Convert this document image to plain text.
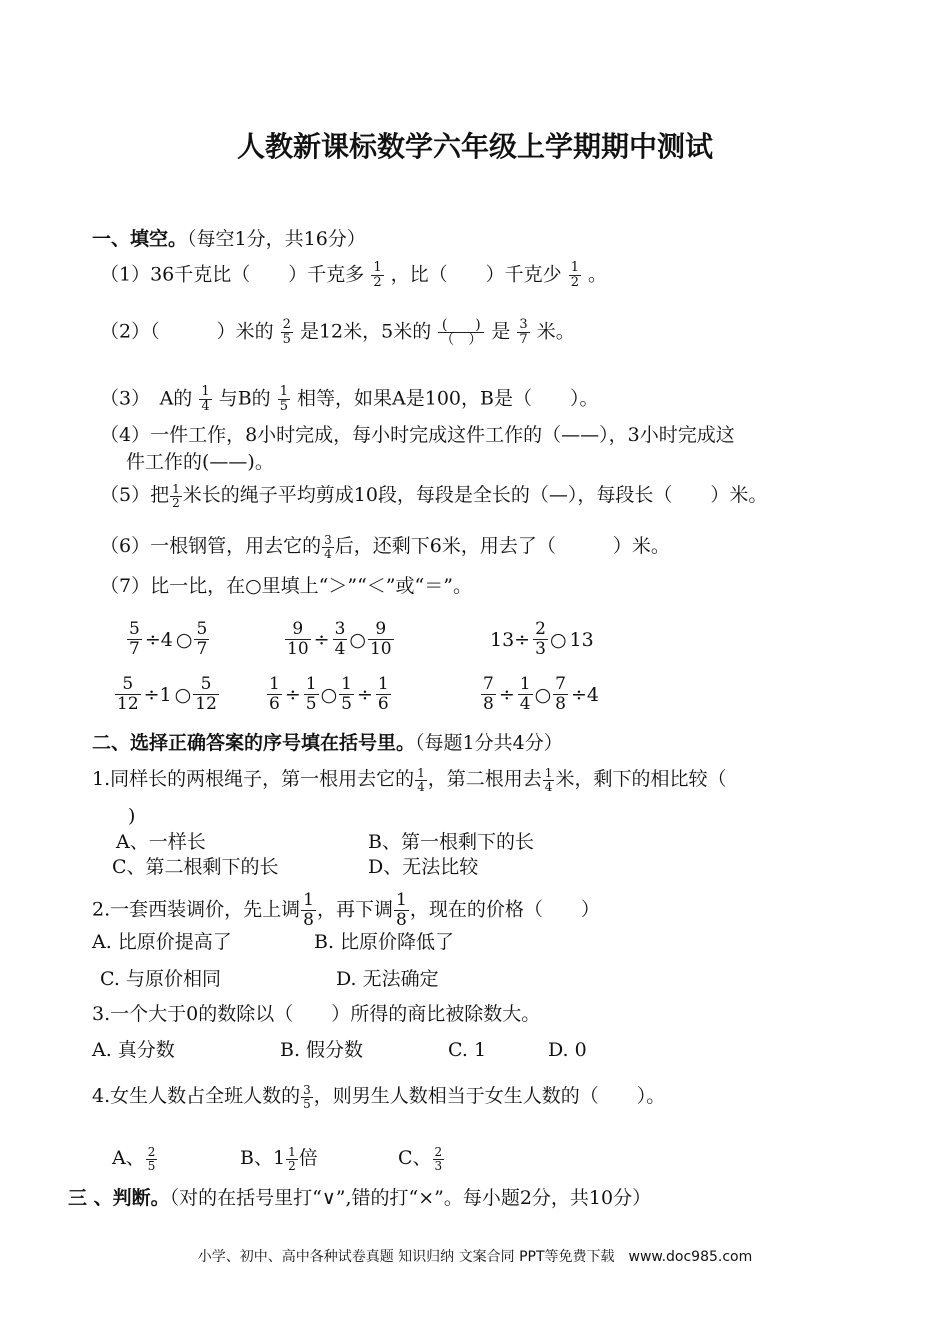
人教新课标数学六年级上学期期中测试
一、填空。（每空1分，共16分）
（1）36千克比（　　）千克多 $\frac{1}{2}$ ，比（　　）千克少 $\frac{1}{2}$ 。
（2）（　　　）米的 $\frac{2}{5}$ 是12米，5米的 $\frac{( )}{( )}$ 是 $\frac{3}{7}$ 米。
（3）　A的 $\frac{1}{4}$ 与B的 $\frac{1}{5}$ 相等，如果A是100，B是（　　）。
（4）一件工作，8小时完成，每小时完成这件工作的（——），3小时完成这
件工作的(——)。
（5）把 $\frac{1}{2}$ 米长的绳子平均剪成10段，每段是全长的（—），每段长（　　）米。
（6）一根钢管，用去它的 $\frac{3}{4}$ 后，还剩下6米，用去了（　　　）米。
（7）比一比，在○里填上“＞”“＜”或“＝”。
$\frac{5}{7} \div 4$ ○ $\frac{5}{7}$	$\frac{9}{10} \div \frac{3}{4}$ ○ $\frac{9}{10}$	$13\div \frac{2}{3}$ ○ 13
$\frac{5}{12} \div 1$ ○ $\frac{5}{12}$	$\frac{1}{6} \div \frac{1}{5}$ ○ $\frac{1}{5} \div \frac{1}{6}$	$\frac{7}{8} \div \frac{1}{4}$ ○ $\frac{7}{8} \div 4$
二、选择正确答案的序号填在括号里。（每题1分共4分）
1.同样长的两根绳子，第一根用去它的 $\frac{1}{4}$ ，第二根用去 $\frac{1}{4}$ 米，剩下的相比较（
)
A、一样长	B、第一根剩下的长
C、第二根剩下的长	D、无法比较
2.一套西装调价，先上调 $\frac{1}{8}$ ，再下调 $\frac{1}{8}$ ，现在的价格（　　）
A. 比原价提高了	B. 比原价降低了
C. 与原价相同	D. 无法确定
3.一个大于0的数除以（　　）所得的商比被除数大。
A. 真分数	B. 假分数	C. 1	D. 0
4.女生人数占全班人数的 $\frac{3}{5}$ ，则男生人数相当于女生人数的（　　）。
A、 $\frac{2}{5}$	B、$1 \frac{1}{2}$ 倍	C、 $\frac{2}{3}$
三 、判断。（对的在括号里打“∨”,错的打“×”。每小题2分，共10分）
小学、初中、高中各种试卷真题 知识归纳 文案合同 PPT等免费下载　www.doc985.com
